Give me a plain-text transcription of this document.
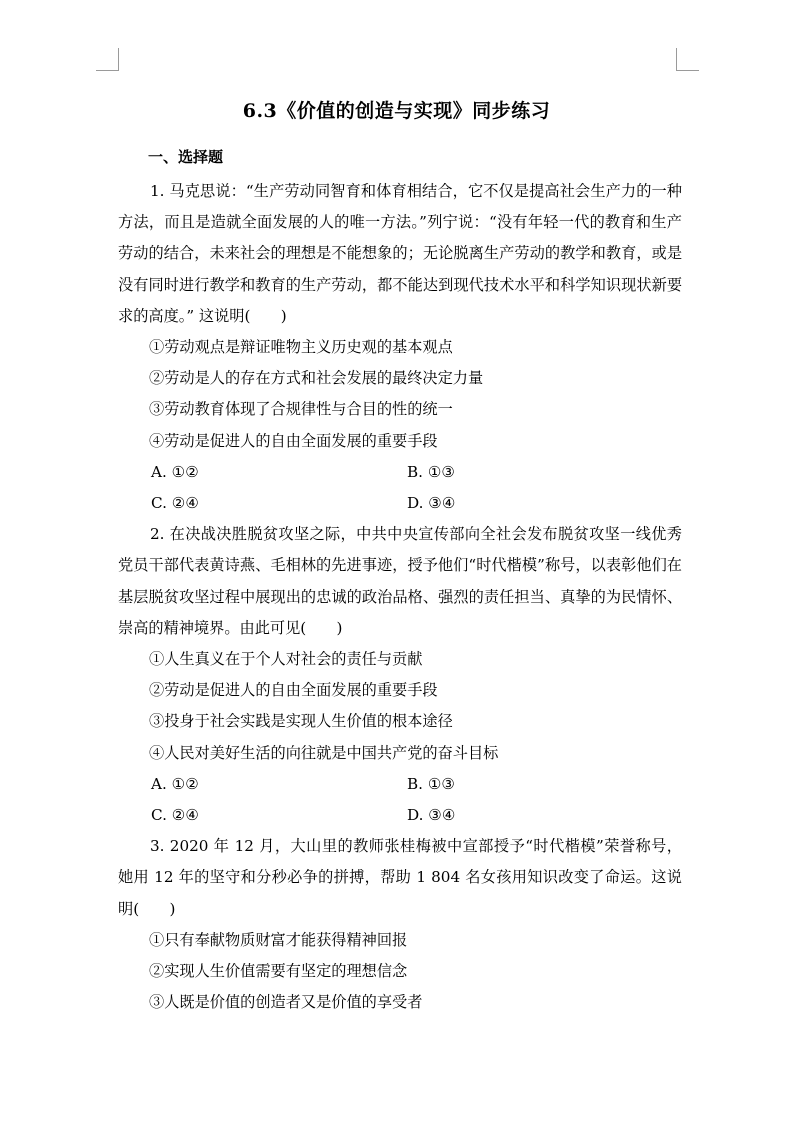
6.3《价值的创造与实现》同步练习
一、选择题

1. 马克思说：“生产劳动同智育和体育相结合，它不仅是提高社会生产力的一种方法，而且是造就全面发展的人的唯一方法。”列宁说：“没有年轻一代的教育和生产劳动的结合，未来社会的理想是不能想象的；无论脱离生产劳动的教学和教育，或是没有同时进行教学和教育的生产劳动，都不能达到现代技术水平和科学知识现状新要求的高度。” 这说明(　　)

①劳动观点是辩证唯物主义历史观的基本观点

②劳动是人的存在方式和社会发展的最终决定力量

③劳动教育体现了合规律性与合目的性的统一

④劳动是促进人的自由全面发展的重要手段

A. ①②	B. ①③
C. ②④	D. ③④

2. 在决战决胜脱贫攻坚之际，中共中央宣传部向全社会发布脱贫攻坚一线优秀党员干部代表黄诗燕、毛相林的先进事迹，授予他们“时代楷模”称号，以表彰他们在基层脱贫攻坚过程中展现出的忠诚的政治品格、强烈的责任担当、真挚的为民情怀、崇高的精神境界。由此可见(　　)

①人生真义在于个人对社会的责任与贡献

②劳动是促进人的自由全面发展的重要手段

③投身于社会实践是实现人生价值的根本途径

④人民对美好生活的向往就是中国共产党的奋斗目标

A. ①②	B. ①③
C. ②④	D. ③④

3. 2020 年 12 月，大山里的教师张桂梅被中宣部授予“时代楷模”荣誉称号，她用 12 年的坚守和分秒必争的拼搏，帮助 1 804 名女孩用知识改变了命运。这说明(　　)

①只有奉献物质财富才能获得精神回报

②实现人生价值需要有坚定的理想信念

③人既是价值的创造者又是价值的享受者
